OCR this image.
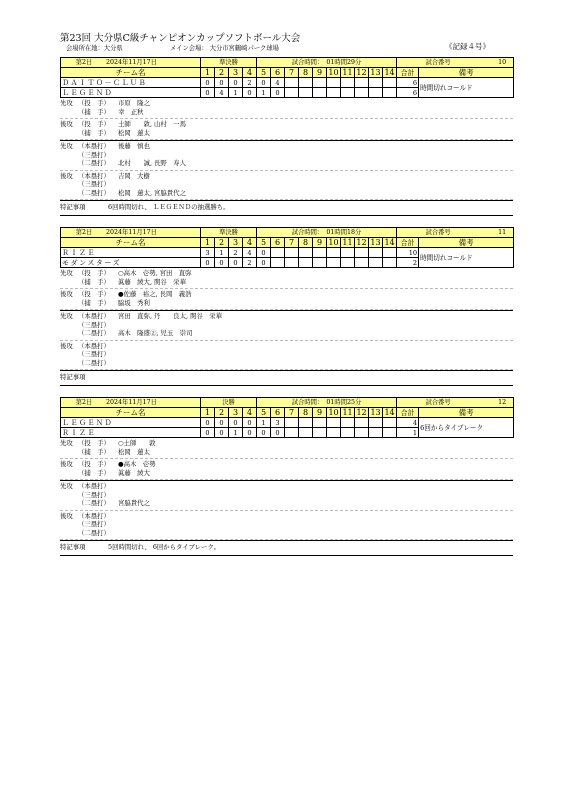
第23回 大分県C級チャンピオンカップソフトボール大会
会場所在地：大分県	メイン会場： 大分市宮鶴崎パーク球場	《記録４号》
第2日 2024年11月17日	準決勝				試合時間：　01時間29分										試合番号 10	
チーム名	1	2	3	4	5	6	7	8	9	10	11	12	13	14	合計	備考
ＤＡＩＴＯ－ＣＬＵＢ	0	0	0	2	0	4									6	時間切れコールド
ＬＥＧＥＮＤ	0	4	1	0	1	0									6	
先攻 （投　手） 市原　隆之
（捕　手） 幸　正秋
後攻 （投　手） 土師　　敦, 山村　一馬
（捕　手） 松岡　蓮太
先攻 （本塁打） 後藤　慎也
（三塁打）
（二塁打） 北村　　誠, 長野　寿人
後攻 （本塁打） 吉岡　大樹
（三塁打）
（二塁打） 松岡　蓮太, 宮脇貴代之
特記事項	6回時間切れ、 ＬＥＧＥＮＤの抽選勝ち。
第2日 2024年11月17日	準決勝				試合時間：　01時間18分										試合番号 11	
チーム名	1	2	3	4	5	6	7	8	9	10	11	12	13	14	合計	備考
ＲＩＺＥ	3	1	2	4	0										10	時間切れコールド
モダンスターズ	0	0	0	2	0										2	
先攻 （投　手） ○高木　壱勢, 宮田　直弥
（捕　手） 眞藤　綾大, 関谷　栄華
後攻 （投　手） ●佐藤　裕之, 長岡　義浩
（捕　手） 脇坂　秀利
先攻 （本塁打） 宮田　直弥, 丹　　良太, 関谷　栄華
（三塁打）
（二塁打） 高木　隆盛②, 児玉　崇司
後攻 （本塁打）
（三塁打）
（二塁打）
特記事項
第2日 2024年11月17日	決勝				試合時間：　01時間25分										試合番号 12	
チーム名	1	2	3	4	5	6	7	8	9	10	11	12	13	14	合計	備考
ＬＥＧＥＮＤ	0	0	0	0	1	3									4	6回からタイブレーク
ＲＩＺＥ	0	0	1	0	0	0									1	
先攻 （投　手） ○土師　　敦
（捕　手） 松岡　蓮太
後攻 （投　手） ●高木　壱勢
（捕　手） 眞藤　綾大
先攻 （本塁打）
（三塁打）
（二塁打） 宮脇貴代之
後攻 （本塁打）
（三塁打）
（二塁打）
特記事項	5回時間切れ、 6回からタイブレーク。
